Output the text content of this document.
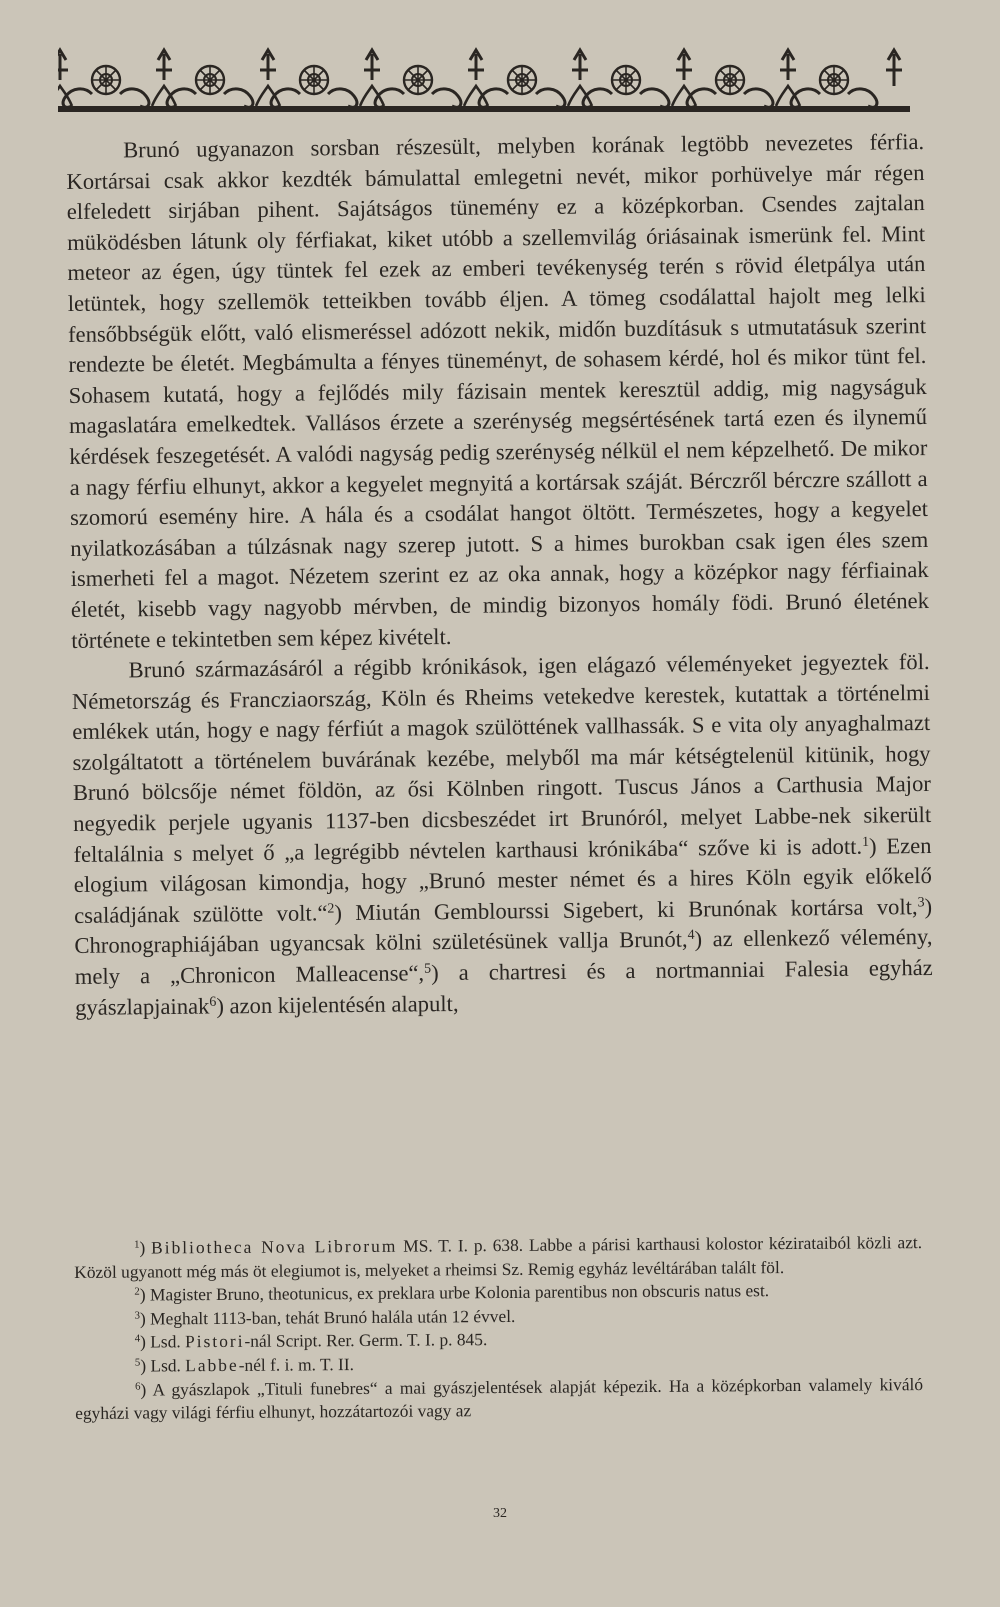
Brunó ugyanazon sorsban részesült, melyben korának legtöbb nevezetes férfia. Kortársai csak akkor kezdték bámulattal emlegetni nevét, mikor porhüvelye már régen elfeledett sirjában pihent. Sajátságos tünemény ez a középkorban. Csendes zajtalan müködésben látunk oly férfiakat, kiket utóbb a szellemvilág óriásainak ismerünk fel. Mint meteor az égen, úgy tüntek fel ezek az emberi tevékenység terén s rövid életpálya után letüntek, hogy szellemök tetteikben tovább éljen. A tömeg csodálattal hajolt meg lelki fensőbbségük előtt, való elismeréssel adózott nekik, midőn buzdításuk s utmutatásuk szerint rendezte be életét. Megbámulta a fényes tüneményt, de sohasem kérdé, hol és mikor tünt fel. Sohasem kutatá, hogy a fejlődés mily fázisain mentek keresztül addig, mig nagyságuk magaslatára emelkedtek. Vallásos érzete a szerénység megsértésének tartá ezen és ilynemű kérdések feszegetését. A valódi nagyság pedig szerénység nélkül el nem képzelhető. De mikor a nagy férfiu elhunyt, akkor a kegyelet megnyitá a kortársak száját. Bérczről bérczre szállott a szomorú esemény hire. A hála és a csodálat hangot öltött. Természetes, hogy a kegyelet nyilatkozásában a túlzásnak nagy szerep jutott. S a himes burokban csak igen éles szem ismerheti fel a magot. Nézetem szerint ez az oka annak, hogy a középkor nagy férfiainak életét, kisebb vagy nagyobb mérvben, de mindig bizonyos homály födi. Brunó életének története e tekintetben sem képez kivételt.

Brunó származásáról a régibb krónikások, igen elágazó véleményeket jegyeztek föl. Németország és Francziaország, Köln és Rheims vetekedve kerestek, kutattak a történelmi emlékek után, hogy e nagy férfiút a magok szülöttének vallhassák. S e vita oly anyaghalmazt szolgáltatott a történelem buvárának kezébe, melyből ma már kétségtelenül kitünik, hogy Brunó bölcsője német földön, az ősi Kölnben ringott. Tuscus János a Carthusia Major negyedik perjele ugyanis 1137-ben dicsbeszédet irt Brunóról, melyet Labbe-nek sikerült feltalálnia s melyet ő „a legrégibb névtelen karthausi krónikába“ szőve ki is adott.$^1$) Ezen elogium világosan kimondja, hogy „Brunó mester német és a hires Köln egyik előkelő családjának szülötte volt.“$^2$) Miután Gemblourssi Sigebert, ki Brunónak kortársa volt,$^3$) Chronographiájában ugyancsak kölni születésünek vallja Brunót,$^4$) az ellenkező vélemény, mely a „Chronicon Malleacense“,$^5$) a chartresi és a nortmanniai Falesia egyház gyászlapjainak$^6$) azon kijelentésén alapult,

$^1$) Bibliotheca Nova Librorum MS. T. I. p. 638. Labbe a párisi karthausi kolostor kézirataiból közli azt. Közöl ugyanott még más öt elegiumot is, melyeket a rheimsi Sz. Remig egyház levéltárában talált föl.

$^2$) Magister Bruno, theotunicus, ex preklara urbe Kolonia parentibus non obscuris natus est.

$^3$) Meghalt 1113-ban, tehát Brunó halála után 12 évvel.

$^4$) Lsd. Pistori-nál Script. Rer. Germ. T. I. p. 845.

$^5$) Lsd. Labbe-nél f. i. m. T. II.

$^6$) A gyászlapok „Tituli funebres“ a mai gyászjelentések alapját képezik. Ha a középkorban valamely kiváló egyházi vagy világi férfiu elhunyt, hozzátartozói vagy az

32
